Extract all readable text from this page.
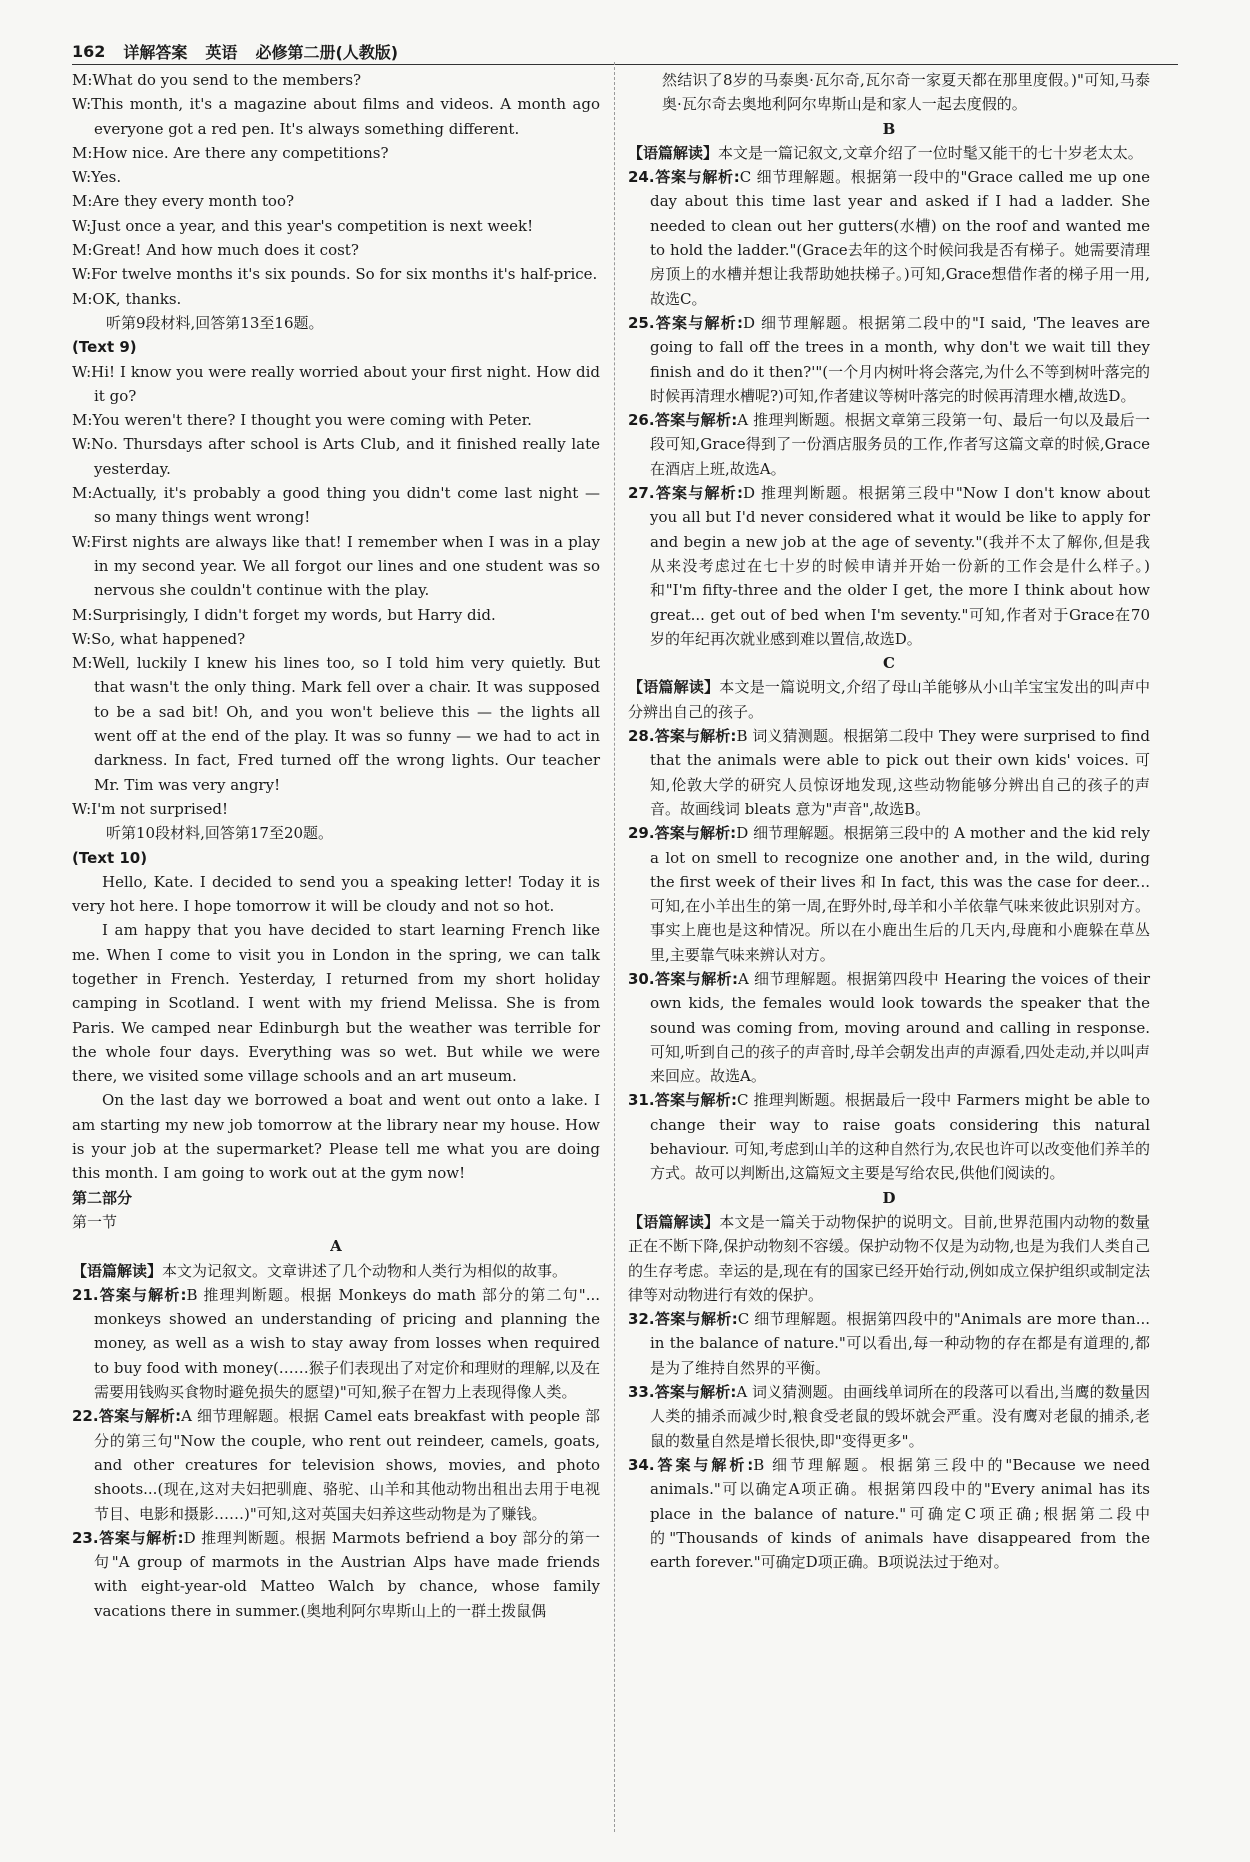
162 详解答案 英语 必修第二册(人教版)

M:What do you send to the members?

W:This month, it's a magazine about films and videos. A month ago everyone got a red pen. It's always something different.

M:How nice. Are there any competitions?

W:Yes.

M:Are they every month too?

W:Just once a year, and this year's competition is next week!

M:Great! And how much does it cost?

W:For twelve months it's six pounds. So for six months it's half-price.

M:OK, thanks.

听第9段材料,回答第13至16题。

(Text 9)

W:Hi! I know you were really worried about your first night. How did it go?

M:You weren't there? I thought you were coming with Peter.

W:No. Thursdays after school is Arts Club, and it finished really late yesterday.

M:Actually, it's probably a good thing you didn't come last night — so many things went wrong!

W:First nights are always like that! I remember when I was in a play in my second year. We all forgot our lines and one student was so nervous she couldn't continue with the play.

M:Surprisingly, I didn't forget my words, but Harry did.

W:So, what happened?

M:Well, luckily I knew his lines too, so I told him very quietly. But that wasn't the only thing. Mark fell over a chair. It was supposed to be a sad bit! Oh, and you won't believe this — the lights all went off at the end of the play. It was so funny — we had to act in darkness. In fact, Fred turned off the wrong lights. Our teacher Mr. Tim was very angry!

W:I'm not surprised!

听第10段材料,回答第17至20题。

(Text 10)

Hello, Kate. I decided to send you a speaking letter! Today it is very hot here. I hope tomorrow it will be cloudy and not so hot.

I am happy that you have decided to start learning French like me. When I come to visit you in London in the spring, we can talk together in French. Yesterday, I returned from my short holiday camping in Scotland. I went with my friend Melissa. She is from Paris. We camped near Edinburgh but the weather was terrible for the whole four days. Everything was so wet. But while we were there, we visited some village schools and an art museum.

On the last day we borrowed a boat and went out onto a lake. I am starting my new job tomorrow at the library near my house. How is your job at the supermarket? Please tell me what you are doing this month. I am going to work out at the gym now!

第二部分

第一节

A

【语篇解读】本文为记叙文。文章讲述了几个动物和人类行为相似的故事。

21.答案与解析:B 推理判断题。根据 Monkeys do math 部分的第二句"... monkeys showed an understanding of pricing and planning the money, as well as a wish to stay away from losses when required to buy food with money(……猴子们表现出了对定价和理财的理解,以及在需要用钱购买食物时避免损失的愿望)"可知,猴子在智力上表现得像人类。

22.答案与解析:A 细节理解题。根据 Camel eats breakfast with people 部分的第三句"Now the couple, who rent out reindeer, camels, goats, and other creatures for television shows, movies, and photo shoots...(现在,这对夫妇把驯鹿、骆驼、山羊和其他动物出租出去用于电视节目、电影和摄影……)"可知,这对英国夫妇养这些动物是为了赚钱。

23.答案与解析:D 推理判断题。根据 Marmots befriend a boy 部分的第一句"A group of marmots in the Austrian Alps have made friends with eight-year-old Matteo Walch by chance, whose family vacations there in summer.(奥地利阿尔卑斯山上的一群土拨鼠偶

然结识了8岁的马泰奥·瓦尔奇,瓦尔奇一家夏天都在那里度假。)"可知,马泰奥·瓦尔奇去奥地利阿尔卑斯山是和家人一起去度假的。

B

【语篇解读】本文是一篇记叙文,文章介绍了一位时髦又能干的七十岁老太太。

24.答案与解析:C 细节理解题。根据第一段中的"Grace called me up one day about this time last year and asked if I had a ladder. She needed to clean out her gutters(水槽) on the roof and wanted me to hold the ladder."(Grace去年的这个时候问我是否有梯子。她需要清理房顶上的水槽并想让我帮助她扶梯子。)可知,Grace想借作者的梯子用一用,故选C。

25.答案与解析:D 细节理解题。根据第二段中的"I said, 'The leaves are going to fall off the trees in a month, why don't we wait till they finish and do it then?'"(一个月内树叶将会落完,为什么不等到树叶落完的时候再清理水槽呢?)可知,作者建议等树叶落完的时候再清理水槽,故选D。

26.答案与解析:A 推理判断题。根据文章第三段第一句、最后一句以及最后一段可知,Grace得到了一份酒店服务员的工作,作者写这篇文章的时候,Grace在酒店上班,故选A。

27.答案与解析:D 推理判断题。根据第三段中"Now I don't know about you all but I'd never considered what it would be like to apply for and begin a new job at the age of seventy."(我并不太了解你,但是我从来没考虑过在七十岁的时候申请并开始一份新的工作会是什么样子。)和"I'm fifty-three and the older I get, the more I think about how great... get out of bed when I'm seventy."可知,作者对于Grace在70岁的年纪再次就业感到难以置信,故选D。

C

【语篇解读】本文是一篇说明文,介绍了母山羊能够从小山羊宝宝发出的叫声中分辨出自己的孩子。

28.答案与解析:B 词义猜测题。根据第二段中 They were surprised to find that the animals were able to pick out their own kids' voices. 可知,伦敦大学的研究人员惊讶地发现,这些动物能够分辨出自己的孩子的声音。故画线词 bleats 意为"声音",故选B。

29.答案与解析:D 细节理解题。根据第三段中的 A mother and the kid rely a lot on smell to recognize one another and, in the wild, during the first week of their lives 和 In fact, this was the case for deer... 可知,在小羊出生的第一周,在野外时,母羊和小羊依靠气味来彼此识别对方。事实上鹿也是这种情况。所以在小鹿出生后的几天内,母鹿和小鹿躲在草丛里,主要靠气味来辨认对方。

30.答案与解析:A 细节理解题。根据第四段中 Hearing the voices of their own kids, the females would look towards the speaker that the sound was coming from, moving around and calling in response. 可知,听到自己的孩子的声音时,母羊会朝发出声的声源看,四处走动,并以叫声来回应。故选A。

31.答案与解析:C 推理判断题。根据最后一段中 Farmers might be able to change their way to raise goats considering this natural behaviour. 可知,考虑到山羊的这种自然行为,农民也许可以改变他们养羊的方式。故可以判断出,这篇短文主要是写给农民,供他们阅读的。

D

【语篇解读】本文是一篇关于动物保护的说明文。目前,世界范围内动物的数量正在不断下降,保护动物刻不容缓。保护动物不仅是为动物,也是为我们人类自己的生存考虑。幸运的是,现在有的国家已经开始行动,例如成立保护组织或制定法律等对动物进行有效的保护。

32.答案与解析:C 细节理解题。根据第四段中的"Animals are more than... in the balance of nature."可以看出,每一种动物的存在都是有道理的,都是为了维持自然界的平衡。

33.答案与解析:A 词义猜测题。由画线单词所在的段落可以看出,当鹰的数量因人类的捕杀而减少时,粮食受老鼠的毁坏就会严重。没有鹰对老鼠的捕杀,老鼠的数量自然是增长很快,即"变得更多"。

34.答案与解析:B 细节理解题。根据第三段中的"Because we need animals."可以确定A项正确。根据第四段中的"Every animal has its place in the balance of nature."可确定C项正确;根据第二段中的"Thousands of kinds of animals have disappeared from the earth forever."可确定D项正确。B项说法过于绝对。
